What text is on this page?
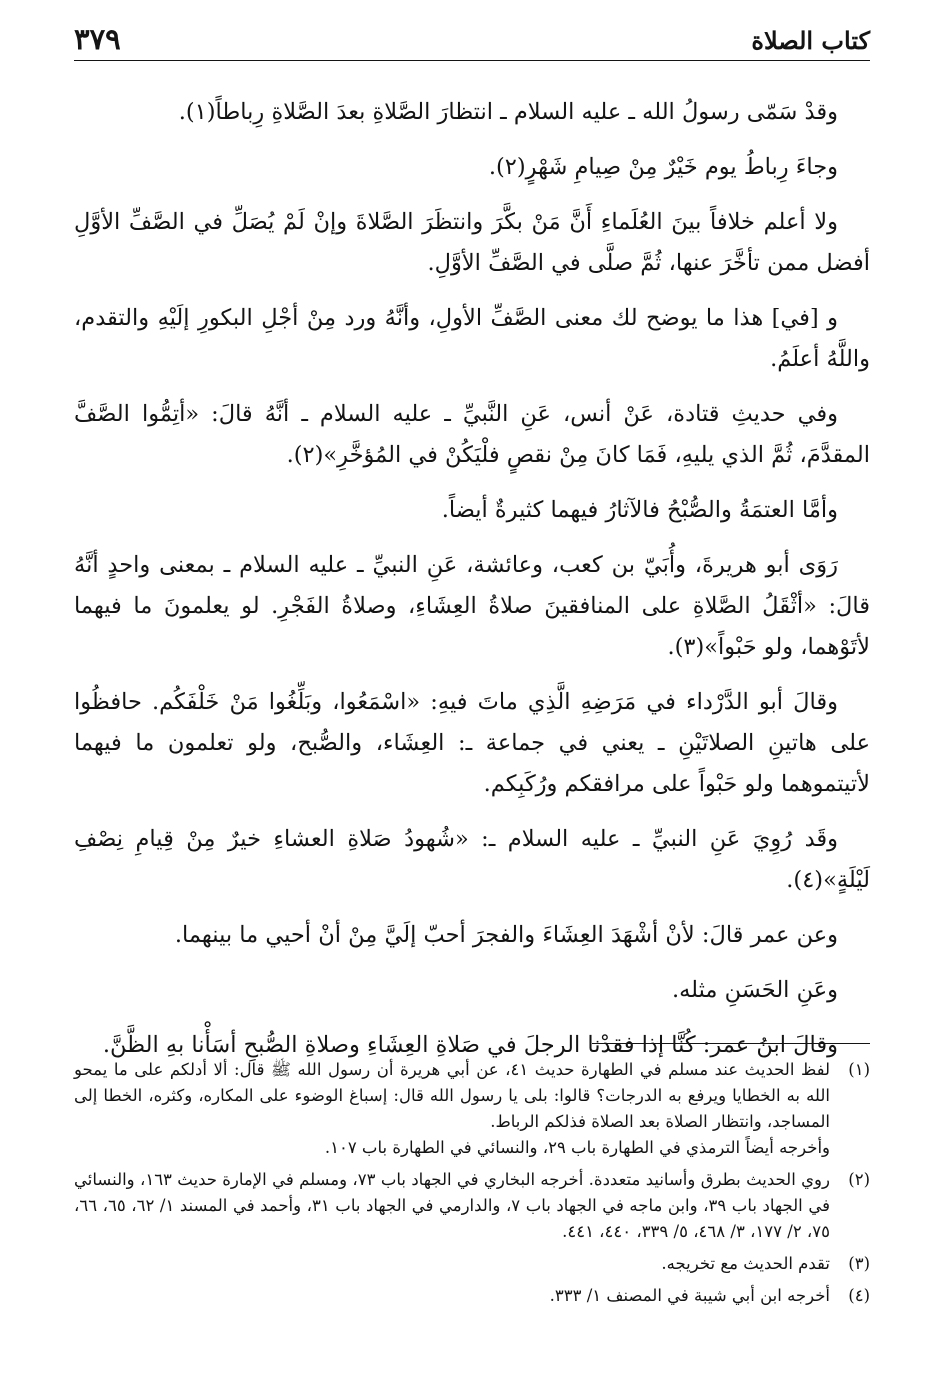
كتاب الصلاة
٣٧٩

وقدْ سَمّى رسولُ الله ـ عليه السلام ـ انتظارَ الصَّلاةِ بعدَ الصَّلاةِ رِباطاً(١).

وجاءَ رِباطُ يوم خَيْرٌ مِنْ صِيامِ شَهْرٍ(٢).

ولا أعلم خلافاً بينَ العُلَماءِ أَنَّ مَنْ بكَّرَ وانتظَرَ الصَّلاةَ وإنْ لَمْ يُصَلِّ في الصَّفِّ الأوَّلِ أفضل ممن تأخَّرَ عنها، ثُمَّ صلَّى في الصَّفِّ الأوَّلِ.

و [في] هذا ما يوضح لك معنى الصَّفِّ الأولِ، وأنَّهُ ورد مِنْ أجْلِ البكورِ إلَيْهِ والتقدم، واللَّهُ أعلَمُ.

وفي حديثِ قتادة، عَنْ أنس، عَنِ النَّبيِّ ـ عليه السلام ـ أنَّهُ قالَ: «أتِمُّوا الصَّفَّ المقدَّمَ، ثُمَّ الذي يليهِ، فَمَا كانَ مِنْ نقصٍ فلْيَكُنْ في المُؤخَّرِ»(٢).

وأمَّا العتمَةُ والصُّبْحُ فالآثارُ فيهما كثيرةٌ أيضاً.

رَوَى أبو هريرةَ، وأُبَيّ بن كعب، وعائشة، عَنِ النبيِّ ـ عليه السلام ـ بمعنى واحدٍ أنَّهُ قالَ: «أثْقَلُ الصَّلاةِ على المنافقينَ صلاةُ العِشَاءِ، وصلاةُ الفَجْرِ. لو يعلمونَ ما فيهما لأتَوْهما، ولو حَبْواً»(٣).

وقالَ أبو الدَّرْداء في مَرَضِهِ الَّذِي ماتَ فيهِ: «اسْمَعُوا، وبَلِّغُوا مَنْ خَلْفَكُم. حافظُوا على هاتينِ الصلاتَيْنِ ـ يعني في جماعة ـ: العِشَاء، والصُّبح، ولو تعلمون ما فيهما لأتيتموهما ولو حَبْواً على مرافقكم ورُكَبِكم.

وقَد رُوِيَ عَنِ النبيِّ ـ عليه السلام ـ: «شُهودُ صَلاةِ العشاءِ خيرٌ مِنْ قِيامِ نِصْفِ لَيْلَةٍ»(٤).

وعن عمر قالَ: لأنْ أشْهَدَ العِشَاءَ والفجرَ أحبّ إلَيَّ مِنْ أنْ أحيي ما بينهما.

وعَنِ الحَسَنِ مثله.

وقالَ ابنُ عمر: كُنَّا إذا فقدْنا الرجلَ في صَلاةِ العِشَاءِ وصلاةِ الصُّبحِ أسَأْنا بهِ الظَّنَّ.

(١)
لفظ الحديث عند مسلم في الطهارة حديث ٤١، عن أبي هريرة أن رسول الله ﷺ قال: ألا أدلكم على ما يمحو الله به الخطايا ويرفع به الدرجات؟ قالوا: بلى يا رسول الله قال: إسباغ الوضوء على المكاره، وكثره، الخطا إلى المساجد، وانتظار الصلاة بعد الصلاة فذلكم الرباط.
وأخرجه أيضاً الترمذي في الطهارة باب ٢٩، والنسائي في الطهارة باب ١٠٧.
(٢)
روي الحديث بطرق وأسانيد متعددة. أخرجه البخاري في الجهاد باب ٧٣، ومسلم في الإمارة حديث ١٦٣، والنسائي في الجهاد باب ٣٩، وابن ماجه في الجهاد باب ٧، والدارمي في الجهاد باب ٣١، وأحمد في المسند ١/ ٦٢، ٦٥، ٦٦، ٧٥، ٢/ ١٧٧، ٣/ ٤٦٨، ٥/ ٣٣٩، ٤٤٠، ٤٤١.
(٣)
تقدم الحديث مع تخريجه.
(٤)
أخرجه ابن أبي شيبة في المصنف ١/ ٣٣٣.
